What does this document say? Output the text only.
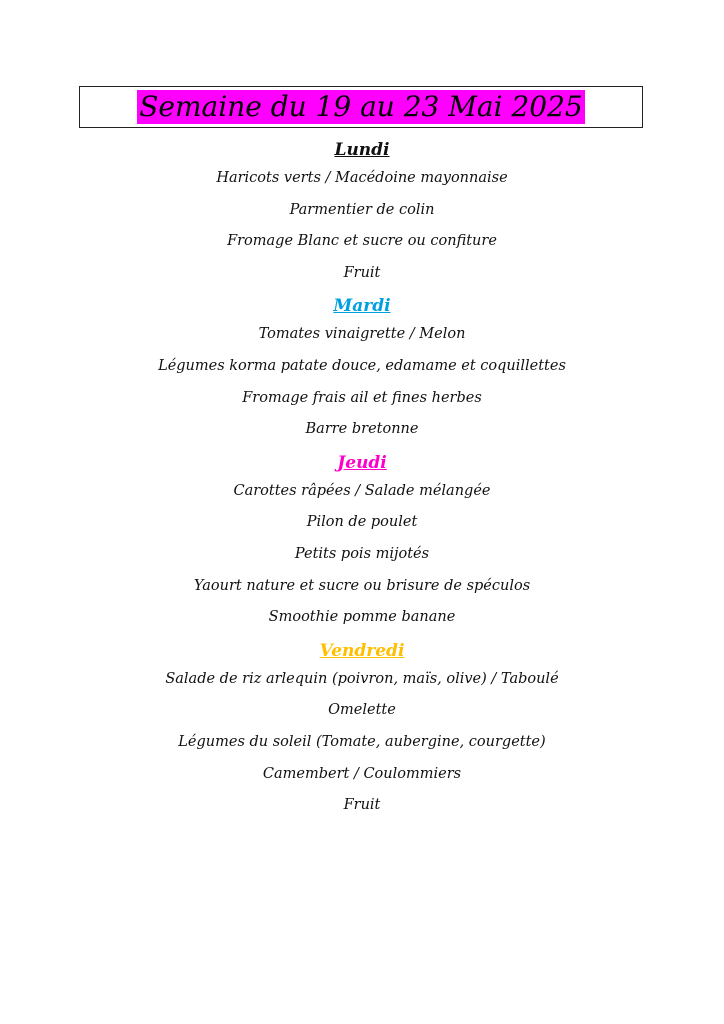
Semaine du 19 au 23 Mai 2025
Lundi
Haricots verts / Macédoine mayonnaise
Parmentier de colin
Fromage Blanc et sucre ou confiture
Fruit
Mardi
Tomates vinaigrette / Melon
Légumes korma patate douce, edamame et coquillettes
Fromage frais ail et fines herbes
Barre bretonne
Jeudi
Carottes râpées / Salade mélangée
Pilon de poulet
Petits pois mijotés
Yaourt nature et sucre ou brisure de spéculos
Smoothie pomme banane
Vendredi
Salade de riz arlequin (poivron, maïs, olive) / Taboulé
Omelette
Légumes du soleil (Tomate, aubergine, courgette)
Camembert / Coulommiers
Fruit
